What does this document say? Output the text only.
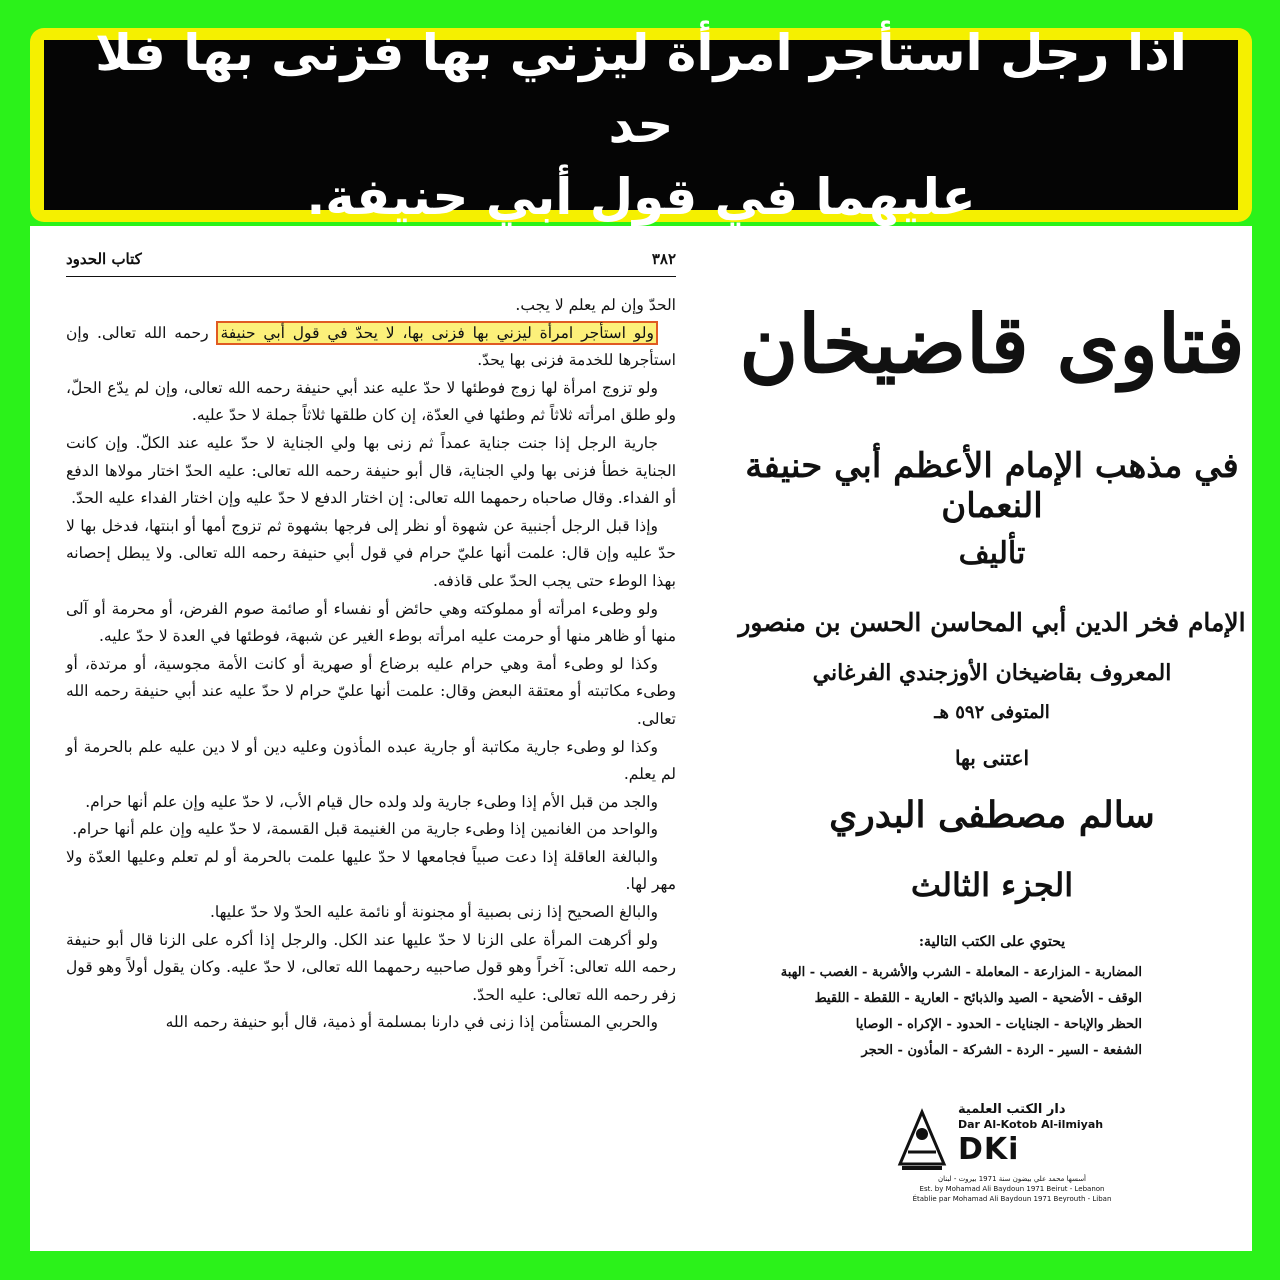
اذا رجل استأجر امرأة ليزني بها فزنى بها فلا حد
عليهما في قول أبي حنيفة.
٣٨٢
كتاب الحدود

الحدّ وإن لم يعلم لا يجب.

ولو استأجر امرأة ليزني بها فزنى بها، لا يحدّ في قول أبي حنيفة رحمه الله تعالى. وإن استأجرها للخدمة فزنى بها يحدّ.

ولو تزوج امرأة لها زوج فوطئها لا حدّ عليه عند أبي حنيفة رحمه الله تعالى، وإن لم يدّع الحلّ، ولو طلق امرأته ثلاثاً ثم وطئها في العدّة، إن كان طلقها ثلاثاً جملة لا حدّ عليه.

جارية الرجل إذا جنت جناية عمداً ثم زنى بها ولي الجناية لا حدّ عليه عند الكلّ. وإن كانت الجناية خطأ فزنى بها ولي الجناية، قال أبو حنيفة رحمه الله تعالى: عليه الحدّ اختار مولاها الدفع أو الفداء. وقال صاحباه رحمهما الله تعالى: إن اختار الدفع لا حدّ عليه وإن اختار الفداء عليه الحدّ.

وإذا قبل الرجل أجنبية عن شهوة أو نظر إلى فرجها بشهوة ثم تزوج أمها أو ابنتها، فدخل بها لا حدّ عليه وإن قال: علمت أنها عليّ حرام في قول أبي حنيفة رحمه الله تعالى. ولا يبطل إحصانه بهذا الوطء حتى يجب الحدّ على قاذفه.

ولو وطىء امرأته أو مملوكته وهي حائض أو نفساء أو صائمة صوم الفرض، أو محرمة أو آلى منها أو ظاهر منها أو حرمت عليه امرأته بوطء الغير عن شبهة، فوطئها في العدة لا حدّ عليه.

وكذا لو وطىء أمة وهي حرام عليه برضاع أو صهرية أو كانت الأمة مجوسية، أو مرتدة، أو وطىء مكاتبته أو معتقة البعض وقال: علمت أنها عليّ حرام لا حدّ عليه عند أبي حنيفة رحمه الله تعالى.

وكذا لو وطىء جارية مكاتبة أو جارية عبده المأذون وعليه دين أو لا دين عليه علم بالحرمة أو لم يعلم.

والجد من قبل الأم إذا وطىء جارية ولد ولده حال قيام الأب، لا حدّ عليه وإن علم أنها حرام.

والواحد من الغانمين إذا وطىء جارية من الغنيمة قبل القسمة، لا حدّ عليه وإن علم أنها حرام.

والبالغة العاقلة إذا دعت صبياً فجامعها لا حدّ عليها علمت بالحرمة أو لم تعلم وعليها العدّة ولا مهر لها.

والبالغ الصحيح إذا زنى بصبية أو مجنونة أو نائمة عليه الحدّ ولا حدّ عليها.

ولو أكرهت المرأة على الزنا لا حدّ عليها عند الكل. والرجل إذا أكره على الزنا قال أبو حنيفة رحمه الله تعالى: آخراً وهو قول صاحبيه رحمهما الله تعالى، لا حدّ عليه. وكان يقول أولاً وهو قول زفر رحمه الله تعالى: عليه الحدّ.

والحربي المستأمن إذا زنى في دارنا بمسلمة أو ذمية، قال أبو حنيفة رحمه الله

فتاوى قاضيخان
في مذهب الإمام الأعظم أبي حنيفة النعمان
تأليف
الإمام فخر الدين أبي المحاسن الحسن بن منصور
المعروف بقاضيخان الأوزجندي الفرغاني
المتوفى ٥٩٢ هـ
اعتنى بها
سالم مصطفى البدري
الجزء الثالث
يحتوي على الكتب التالية:
المضاربة - المزارعة - المعاملة - الشرب والأشربة - الغصب - الهبة
الوقف - الأضحية - الصيد والذبائح - العارية - اللقطة - اللقيط
الحظر والإباحة - الجنايات - الحدود - الإكراه - الوصايا
الشفعة - السير - الردة - الشركة - المأذون - الحجر
دار الكتب العلمية
Dar Al-Kotob Al-ilmiyah
DKi
أسسها محمد علي بيضون سنة 1971 بيروت - لبنان
Est. by Mohamad Ali Baydoun 1971 Beirut - Lebanon
Établie par Mohamad Ali Baydoun 1971 Beyrouth - Liban
